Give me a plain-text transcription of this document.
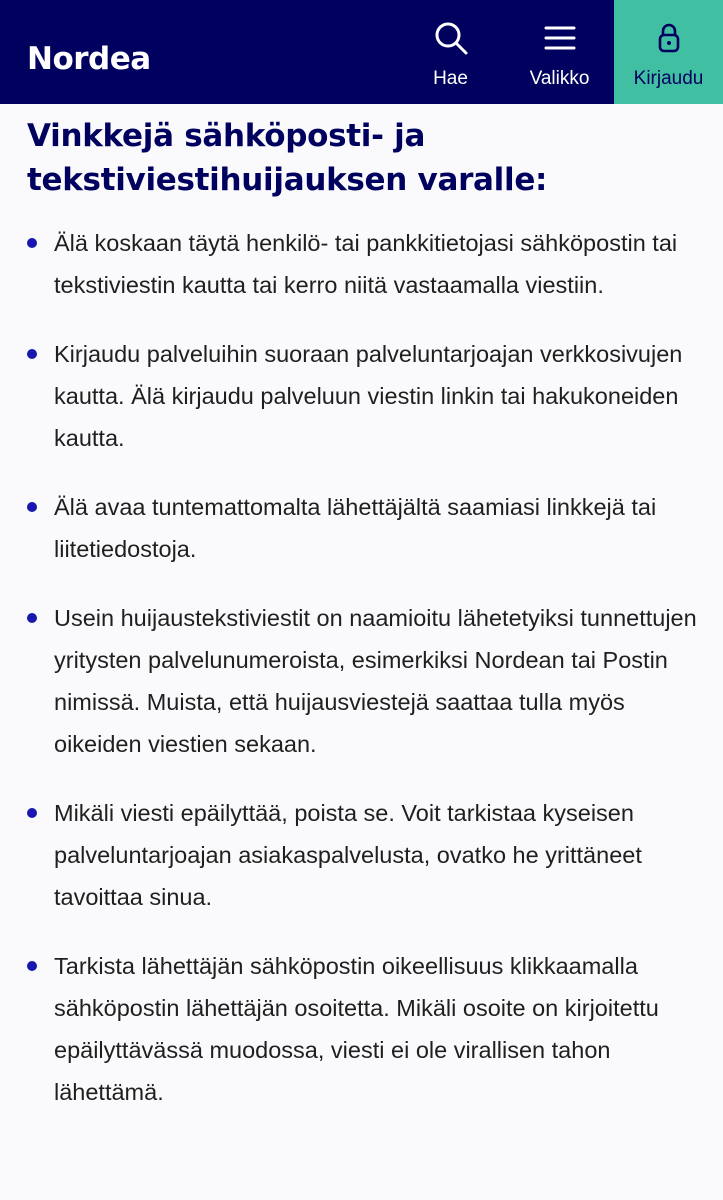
Nordea
Hae	Valikko Kirjaudu
Vinkkejä sähköposti- ja tekstiviestihuijauksen varalle:
Älä koskaan täytä henkilö- tai pankkitietojasi sähköpostin tai tekstiviestin kautta tai kerro niitä vastaamalla viestiin.
Kirjaudu palveluihin suoraan palveluntarjoajan verkkosivujen kautta. Älä kirjaudu palveluun viestin linkin tai hakukoneiden kautta.
Älä avaa tuntemattomalta lähettäjältä saamiasi linkkejä tai liitetiedostoja.
Usein huijaustekstiviestit on naamioitu lähetetyiksi tunnettujen yritysten palvelunumeroista, esimerkiksi Nordean tai Postin nimissä. Muista, että huijausviestejä saattaa tulla myös oikeiden viestien sekaan.
Mikäli viesti epäilyttää, poista se. Voit tarkistaa kyseisen palveluntarjoajan asiakaspalvelusta, ovatko he yrittäneet tavoittaa sinua.
Tarkista lähettäjän sähköpostin oikeellisuus klikkaamalla sähköpostin lähettäjän osoitetta. Mikäli osoite on kirjoitettu epäilyttävässä muodossa, viesti ei ole virallisen tahon lähettämä.
